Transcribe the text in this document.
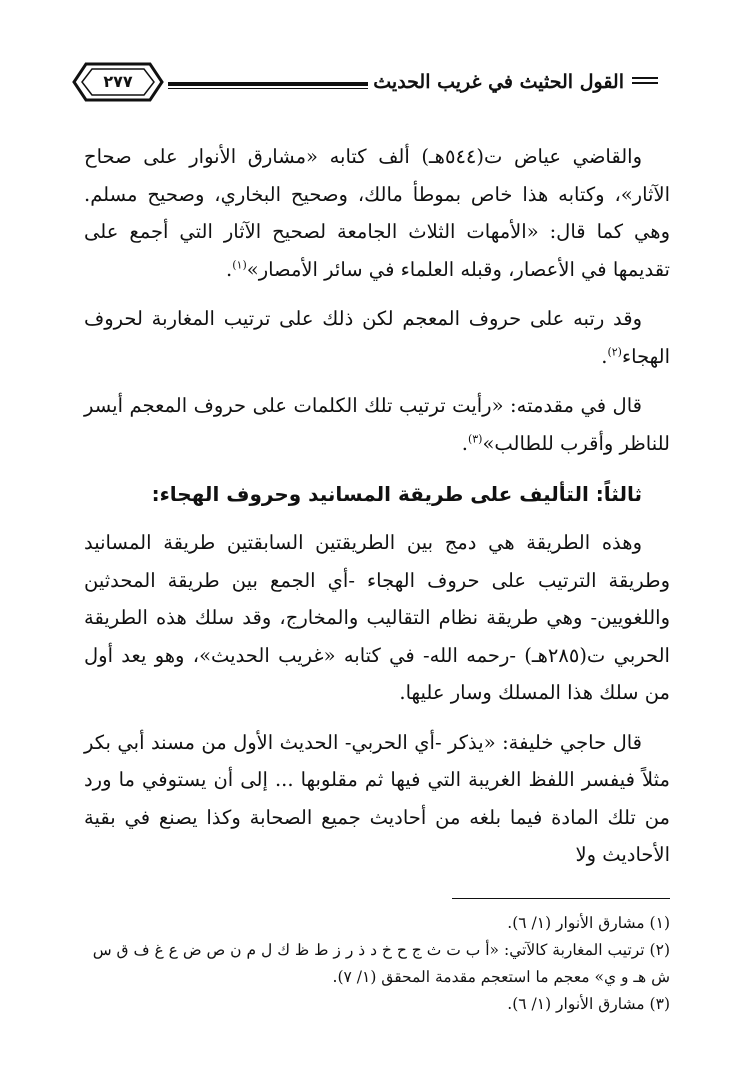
القول الحثيث في غريب الحديث
٢٧٧

والقاضي عياض ت(٥٤٤هـ) ألف كتابه «مشارق الأنوار على صحاح الآثار»، وكتابه هذا خاص بموطأ مالك، وصحيح البخاري، وصحيح مسلم. وهي كما قال: «الأمهات الثلاث الجامعة لصحيح الآثار التي أجمع على تقديمها في الأعصار، وقبله العلماء في سائر الأمصار»$^{(١)}$.

وقد رتبه على حروف المعجم لكن ذلك على ترتيب المغاربة لحروف الهجاء$^{(٢)}$.

قال في مقدمته: «رأيت ترتيب تلك الكلمات على حروف المعجم أيسر للناظر وأقرب للطالب»$^{(٣)}$.

ثالثاً: التأليف على طريقة المسانيد وحروف الهجاء:

وهذه الطريقة هي دمج بين الطريقتين السابقتين طريقة المسانيد وطريقة الترتيب على حروف الهجاء -أي الجمع بين طريقة المحدثين واللغويين- وهي طريقة نظام التقاليب والمخارج، وقد سلك هذه الطريقة الحربي ت(٢٨٥هـ) -رحمه الله- في كتابه «غريب الحديث»، وهو يعد أول من سلك هذا المسلك وسار عليها.

قال حاجي خليفة: «يذكر -أي الحربي- الحديث الأول من مسند أبي بكر مثلاً فيفسر اللفظ الغريبة التي فيها ثم مقلوبها ... إلى أن يستوفي ما ورد من تلك المادة فيما بلغه من أحاديث جميع الصحابة وكذا يصنع في بقية الأحاديث ولا

(١) مشارق الأنوار (١/ ٦).

(٢) ترتيب المغاربة كالآتي: «أ ب ت ث ج ح خ د ذ ر ز ط ظ ك ل م ن ص ض ع غ ف ق س ش هـ و ي» معجم ما استعجم مقدمة المحقق (١/ ٧).

(٣) مشارق الأنوار (١/ ٦).
